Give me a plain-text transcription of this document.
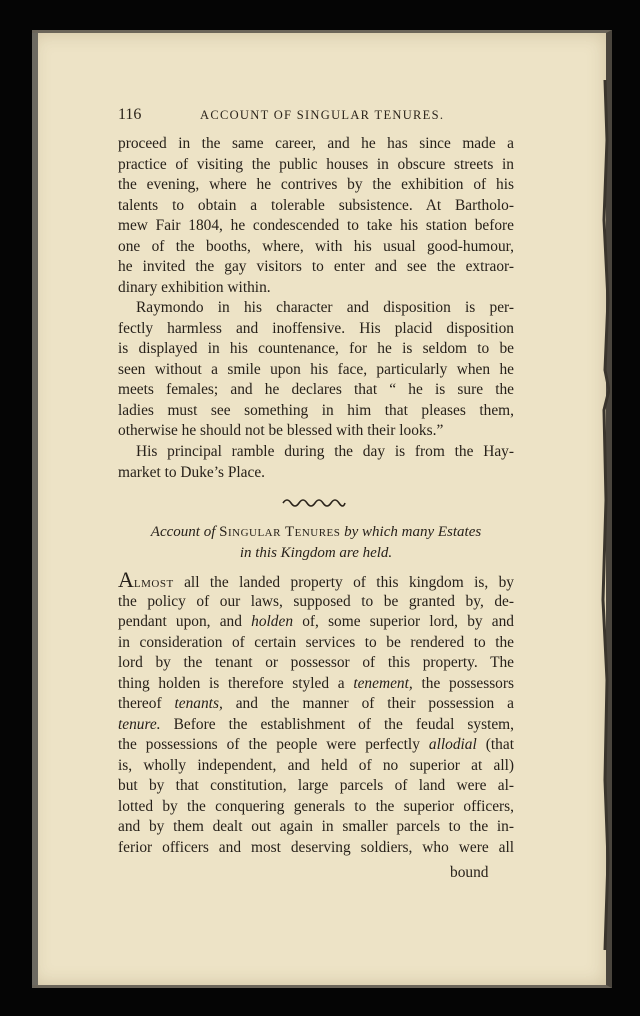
116	ACCOUNT OF SINGULAR TENURES.
proceed in the same career, and he has since made a
practice of visiting the public houses in obscure streets in
the evening, where he contrives by the exhibition of his
talents to obtain a tolerable subsistence. At Bartholo-
mew Fair 1804, he condescended to take his station before
one of the booths, where, with his usual good-humour,
he invited the gay visitors to enter and see the extraor-
dinary exhibition within.
Raymondo in his character and disposition is per-
fectly harmless and inoffensive. His placid disposition
is displayed in his countenance, for he is seldom to be
seen without a smile upon his face, particularly when he
meets females; and he declares that “ he is sure the
ladies must see something in him that pleases them,
otherwise he should not be blessed with their looks.”
His principal ramble during the day is from the Hay-
market to Duke’s Place.
Account of Singular Tenures by which many Estates
in this Kingdom are held.
Almost all the landed property of this kingdom is, by
the policy of our laws, supposed to be granted by, de-
pendant upon, and holden of, some superior lord, by and
in consideration of certain services to be rendered to the
lord by the tenant or possessor of this property. The
thing holden is therefore styled a tenement, the possessors
thereof tenants, and the manner of their possession a
tenure. Before the establishment of the feudal system,
the possessions of the people were perfectly allodial (that
is, wholly independent, and held of no superior at all)
but by that constitution, large parcels of land were al-
lotted by the conquering generals to the superior officers,
and by them dealt out again in smaller parcels to the in-
ferior officers and most deserving soldiers, who were all
bound
